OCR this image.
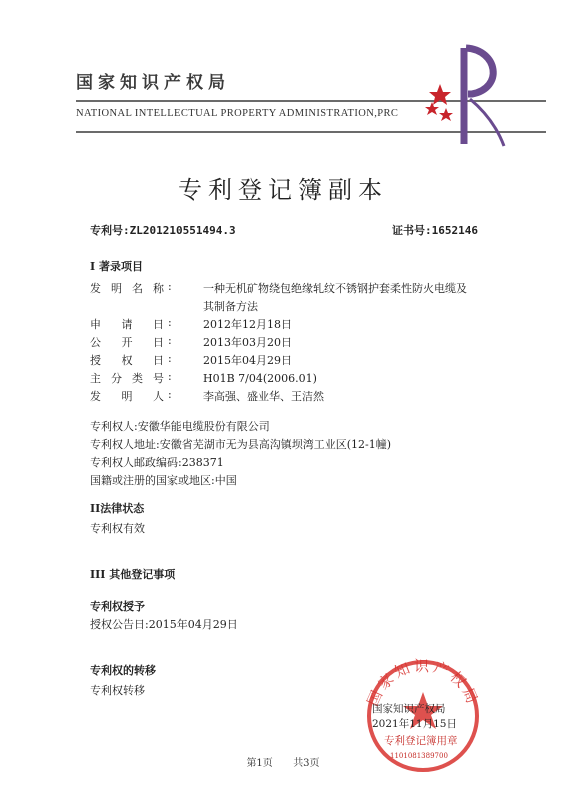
国家知识产权局
NATIONAL INTELLECTUAL PROPERTY ADMINISTRATION,PRC
专利登记簿副本
专利号:ZL201210551494.3	证书号:1652146
I 著录项目
发 明 名 称 :	一种无机矿物绕包绝缘轧纹不锈钢护套柔性防火电缆及其制备方法
申 请 日 :	2012年12月18日
公 开 日 :	2013年03月20日
授 权 日 :	2015年04月29日
主 分 类 号 :	H01B 7/04(2006.01)
发 明 人 :	李高强、盛业华、王洁然
专利权人:安徽华能电缆股份有限公司
专利权人地址:安徽省芜湖市无为县高沟镇坝湾工业区(12-1幢)
专利权人邮政编码:238371
国籍或注册的国家或地区:中国
II法律状态
专利权有效
III 其他登记事项
专利权授予
授权公告日:2015年04月29日
专利权的转移
专利权转移	国家知识产权局
国家知识产权局
2021年11月15日
专利登记簿用章
1101081389700
第1页 共3页
